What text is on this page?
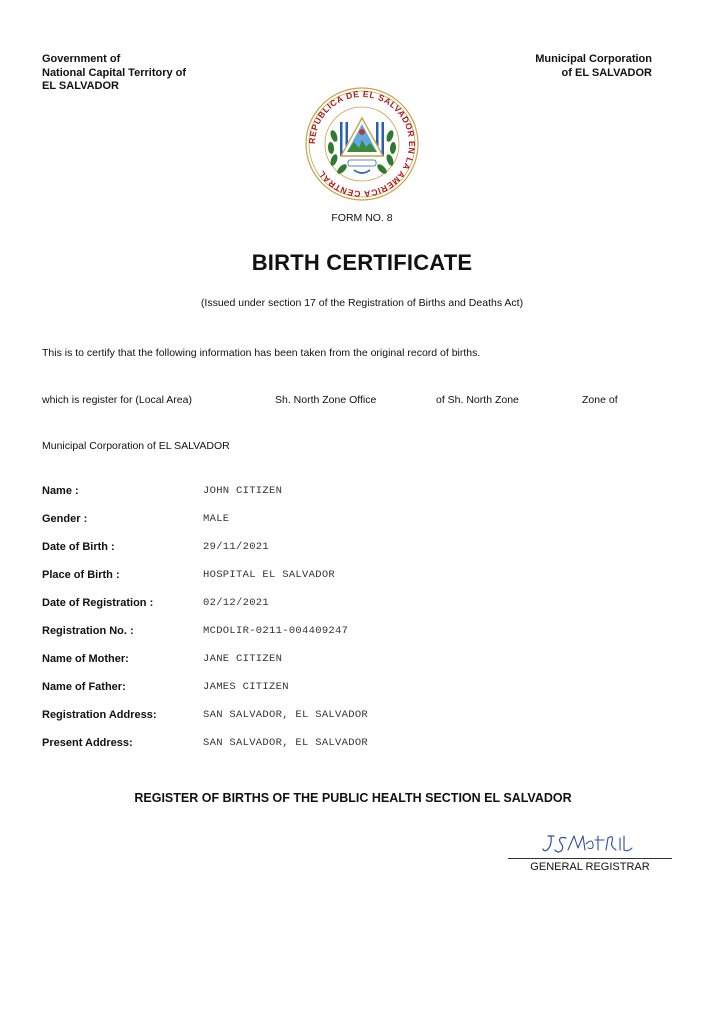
Government of
National Capital Territory of
EL SALVADOR
Municipal Corporation
of EL SALVADOR
REPUBLICA DE EL SALVADOR EN LA AMERICA CENTRAL
FORM NO. 8
BIRTH CERTIFICATE
(Issued under section 17 of the Registration of Births and Deaths Act)
This is to certify that the following information has been taken from the original record of births.
which is register for (Local Area)	Sh. North Zone Office	of Sh. North Zone	Zone of
Municipal Corporation of EL SALVADOR
Name :	JOHN CITIZEN
Gender :	MALE
Date of Birth :	29/11/2021
Place of Birth :	HOSPITAL EL SALVADOR
Date of Registration :	02/12/2021
Registration No. :	MCDOLIR-0211-004409247
Name of Mother:	JANE CITIZEN
Name of Father:	JAMES CITIZEN
Registration Address:	SAN SALVADOR, EL SALVADOR
Present Address:	SAN SALVADOR, EL SALVADOR
REGISTER OF BIRTHS OF THE PUBLIC HEALTH SECTION EL SALVADOR
GENERAL REGISTRAR
